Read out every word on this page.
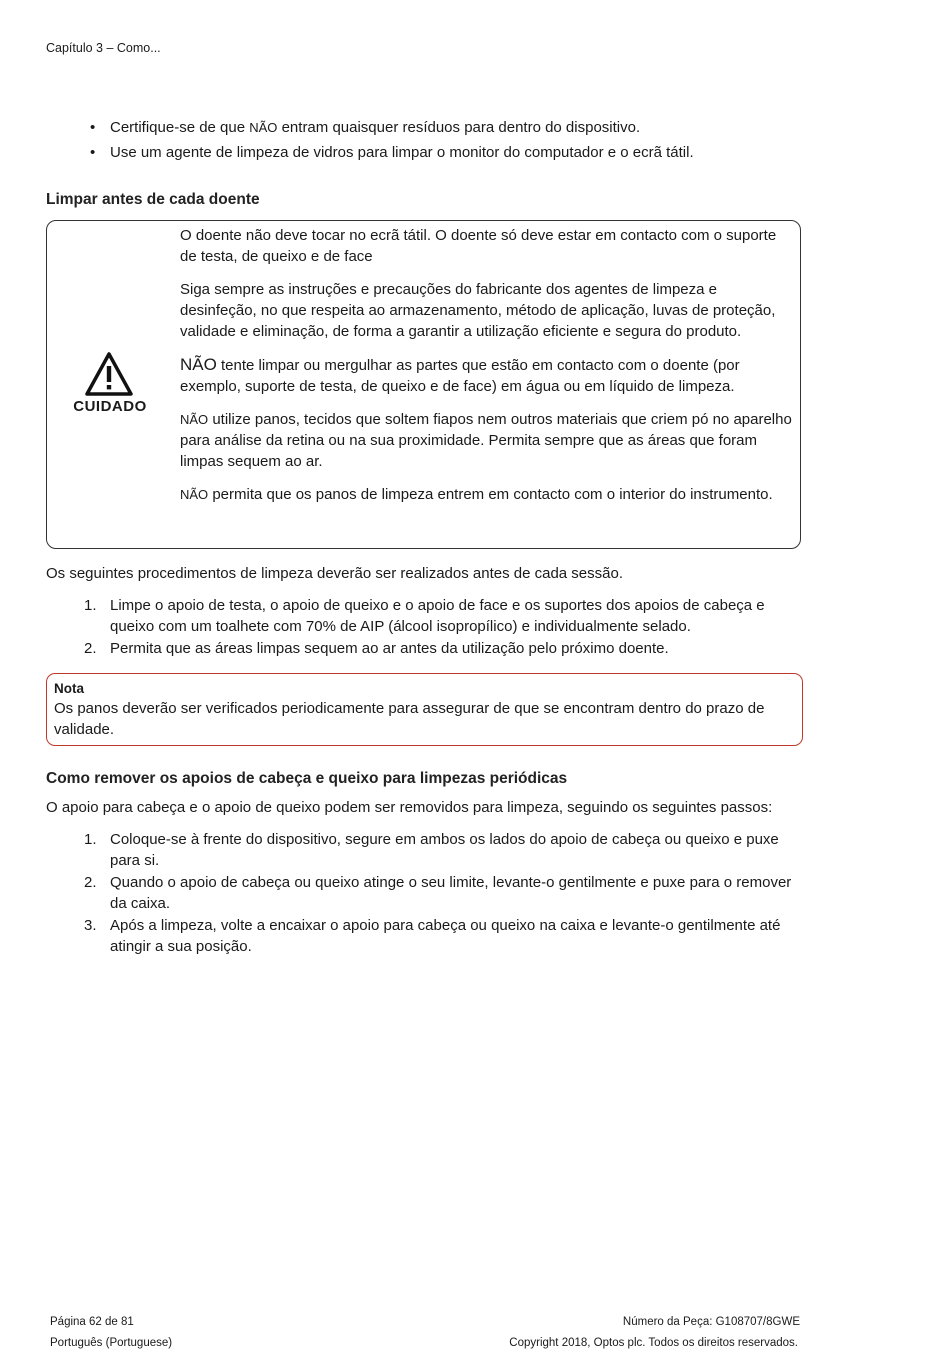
Capítulo 3 – Como...
• Certifique-se de que NÃO entram quaisquer resíduos para dentro do dispositivo.
• Use um agente de limpeza de vidros para limpar o monitor do computador e o ecrã tátil.
Limpar antes de cada doente
CUIDADO

O doente não deve tocar no ecrã tátil. O doente só deve estar em contacto com o suporte de testa, de queixo e de face

Siga sempre as instruções e precauções do fabricante dos agentes de limpeza e desinfeção, no que respeita ao armazenamento, método de aplicação, luvas de proteção, validade e eliminação, de forma a garantir a utilização eficiente e segura do produto.

NÃO tente limpar ou mergulhar as partes que estão em contacto com o doente (por exemplo, suporte de testa, de queixo e de face) em água ou em líquido de limpeza.

NÃO utilize panos, tecidos que soltem fiapos nem outros materiais que criem pó no aparelho para análise da retina ou na sua proximidade. Permita sempre que as áreas que foram limpas sequem ao ar.

NÃO permita que os panos de limpeza entrem em contacto com o interior do instrumento.

Os seguintes procedimentos de limpeza deverão ser realizados antes de cada sessão.
1. Limpe o apoio de testa, o apoio de queixo e o apoio de face e os suportes dos apoios de cabeça e queixo com um toalhete com 70% de AIP (álcool isopropílico) e individualmente selado.
2. Permita que as áreas limpas sequem ao ar antes da utilização pelo próximo doente.
Nota
Os panos deverão ser verificados periodicamente para assegurar de que se encontram dentro do prazo de validade.
Como remover os apoios de cabeça e queixo para limpezas periódicas
O apoio para cabeça e o apoio de queixo podem ser removidos para limpeza, seguindo os seguintes passos:
1. Coloque-se à frente do dispositivo, segure em ambos os lados do apoio de cabeça ou queixo e puxe para si.
2. Quando o apoio de cabeça ou queixo atinge o seu limite, levante-o gentilmente e puxe para o remover da caixa.
3. Após a limpeza, volte a encaixar o apoio para cabeça ou queixo na caixa e levante-o gentilmente até atingir a sua posição.
Página 62 de 81
Português (Portuguese)
Número da Peça: G108707/8GWE
Copyright 2018, Optos plc. Todos os direitos reservados.
